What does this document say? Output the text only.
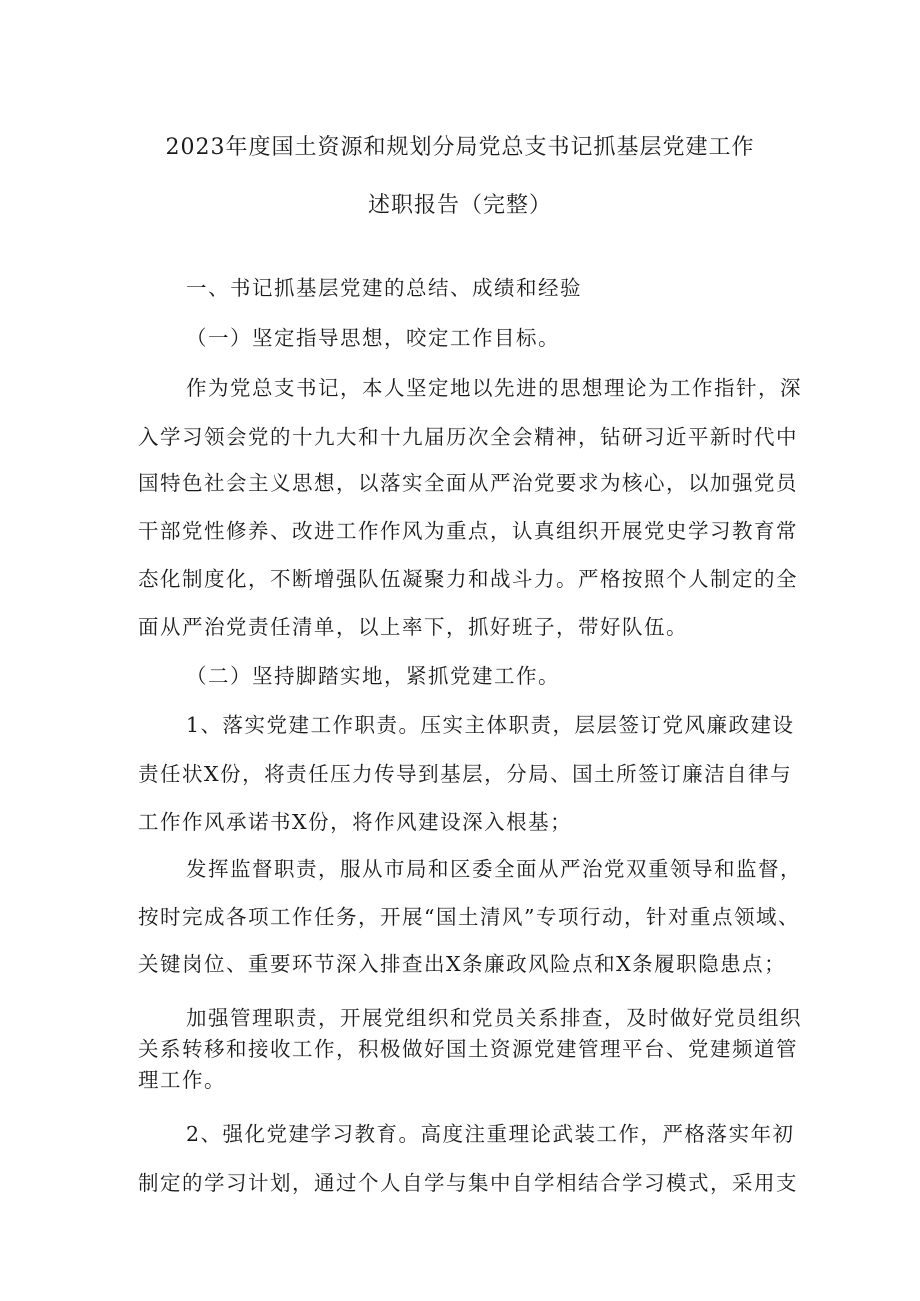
2023年度国土资源和规划分局党总支书记抓基层党建工作
述职报告（完整）
一、书记抓基层党建的总结、成绩和经验
（一）坚定指导思想，咬定工作目标。
作为党总支书记，本人坚定地以先进的思想理论为工作指针，深
入学习领会党的十九大和十九届历次全会精神，钻研习近平新时代中
国特色社会主义思想，以落实全面从严治党要求为核心，以加强党员
干部党性修养、改进工作作风为重点，认真组织开展党史学习教育常
态化制度化，不断增强队伍凝聚力和战斗力。严格按照个人制定的全
面从严治党责任清单，以上率下，抓好班子，带好队伍。
（二）坚持脚踏实地，紧抓党建工作。
1、落实党建工作职责。压实主体职责，层层签订党风廉政建设
责任状X份，将责任压力传导到基层，分局、国土所签订廉洁自律与
工作作风承诺书X份，将作风建设深入根基；
发挥监督职责，服从市局和区委全面从严治党双重领导和监督，
按时完成各项工作任务，开展“国土清风”专项行动，针对重点领域、
关键岗位、重要环节深入排查出X条廉政风险点和X条履职隐患点；
加强管理职责，开展党组织和党员关系排查，及时做好党员组织
关系转移和接收工作，积极做好国土资源党建管理平台、党建频道管
理工作。
2、强化党建学习教育。高度注重理论武装工作，严格落实年初
制定的学习计划，通过个人自学与集中自学相结合学习模式，采用支
